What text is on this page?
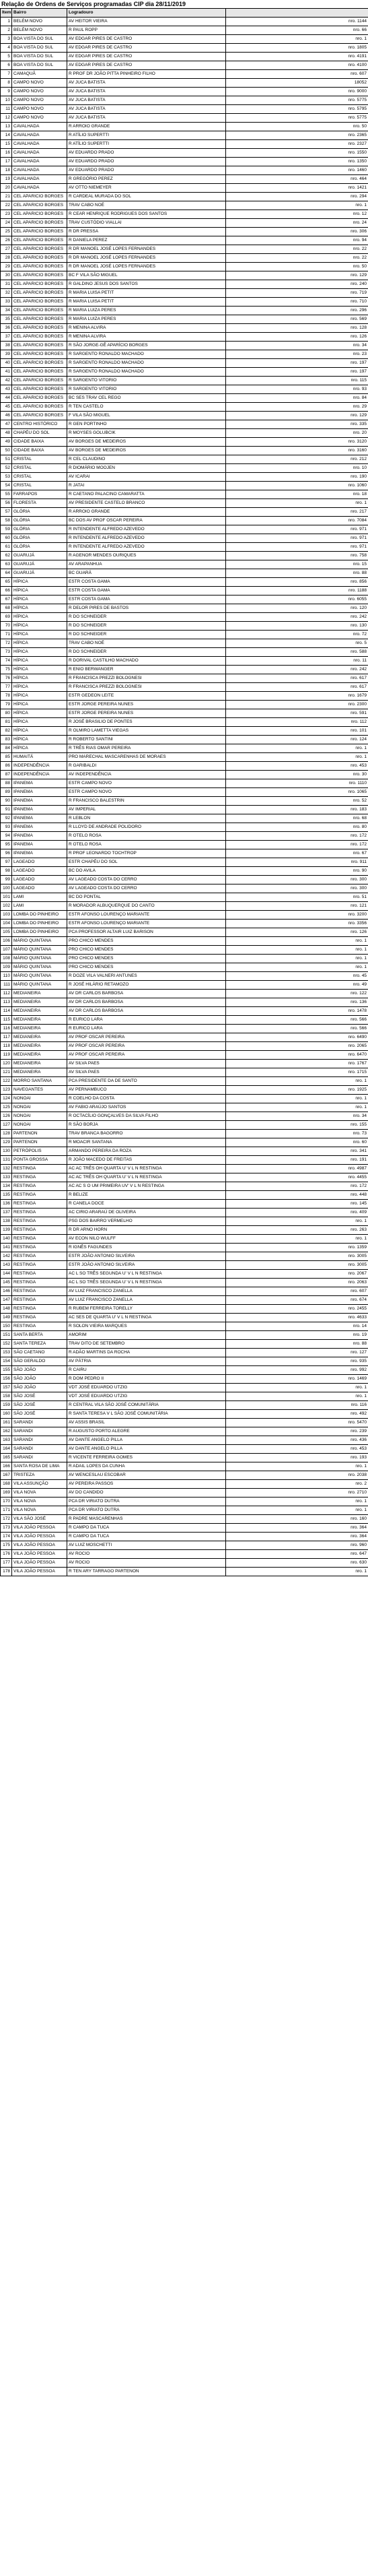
Relação de Ordens de Serviços programadas CIP dia 28/11/2019
Item	Bairro	Logradouro	
1	BELÉM NOVO	AV HEITOR VIEIRA	nro. 1144
2	BELÉM NOVO	R PAUL ROPP	nro. 66
3	BOA VISTA DO SUL	AV EDGAR PIRES DE CASTRO	nro. 1
4	BOA VISTA DO SUL	AV EDGAR PIRES DE CASTRO	nro. 1805
5	BOA VISTA DO SUL	AV EDGAR PIRES DE CASTRO	nro. 4191
6	BOA VISTA DO SUL	AV EDGAR PIRES DE CASTRO	nro. 4100
7	CAMAQUÃ	R PROF DR JOÃO PITTA PINHEIRO FILHO	nro. 607
8	CAMPO NOVO	AV JUCA BATISTA	18052
9	CAMPO NOVO	AV JUCA BATISTA	nro. 9000
10	CAMPO NOVO	AV JUCA BATISTA	nro. 5775
11	CAMPO NOVO	AV JUCA BATISTA	nro. 5795
12	CAMPO NOVO	AV JUCA BATISTA	nro. 5775
13	CAVALHADA	R ARROIO GRANDE	nro. 50
14	CAVALHADA	R ATÍLIO SUPERTTI	nro. 2365
15	CAVALHADA	R ATÍLIO SUPERTTI	nro. 2327
16	CAVALHADA	AV EDUARDO PRADO	nro. 1550
17	CAVALHADA	AV EDUARDO PRADO	nro. 1350
18	CAVALHADA	AV EDUARDO PRADO	nro. 1460
19	CAVALHADA	R GREGÓRIO PEREZ	nro. 464
20	CAVALHADA	AV OTTO NIEMEYER	nro. 1421
21	CEL APARICIO BORGES	R CARDEAL MURADA DO SOL	nro. 294
22	CEL APARICIO BORGES	TRAV CABO NOÉ	nro. 1
23	CEL APARICIO BORGES	R CEAR HENRIQUE RODRIGUES DOS SANTOS	nro. 12
24	CEL APARICIO BORGES	TRAV CUSTÓDIO VIALLAI	nro. 24
25	CEL APARICIO BORGES	R DR PRESSA	nro. 306
26	CEL APARICIO BORGES	R DANIELA PEREZ	nro. 94
27	CEL APARICIO BORGES	R DR MANOEL JOSÉ LOPES FERNANDES	nro. 22
28	CEL APARICIO BORGES	R DR MANOEL JOSÉ LOPES FERNANDES	nro. 22
29	CEL APARICIO BORGES	R DR MANOEL JOSÉ LOPES FERNANDES	nro. 50
30	CEL APARICIO BORGES	BC F VILA SÃO MIGUEL	nro. 129
31	CEL APARICIO BORGES	R GALDINO JESUS DOS SANTOS	nro. 240
32	CEL APARICIO BORGES	R MARIA LUISA PETIT	nro. 719
33	CEL APARICIO BORGES	R MARIA LUISA PETIT	nro. 710
34	CEL APARICIO BORGES	R MARIA LUIZA PERES	nro. 296
35	CEL APARICIO BORGES	R MARIA LUIZA PERES	nro. 569
36	CEL APARICIO BORGES	R MENINA ALVIRA	nro. 128
37	CEL APARICIO BORGES	R MENINA ALVIRA	nro. 126
38	CEL APARICIO BORGES	R SÃO JORGE-GÊ APARÍCIO BORGES	nro. 34
39	CEL APARICIO BORGES	R SARGENTO RONALDO MACHADO	nro. 23
40	CEL APARICIO BORGES	R SARGENTO RONALDO MACHADO	nro. 197
41	CEL APARICIO BORGES	R SARGENTO RONALDO MACHADO	nro. 197
42	CEL APARICIO BORGES	R SARGENTO VITORIO	nro. 115
43	CEL APARICIO BORGES	R SARGENTO VITORIO	nro. 93
44	CEL APARICIO BORGES	BC SES TRAV CEL REGO	nro. 84
45	CEL APARICIO BORGES	R TEN CASTELO	nro. 29
46	CEL APARICIO BORGES	F VILA SÃO MIGUEL	nro. 129
47	CENTRO HISTÓRICO	R GEN PORTINHO	nro. 335
48	CHAPÉU DO SOL	R MOYSES GOLUBCIK	nro. 20
49	CIDADE BAIXA	AV BORGES DE MEDEIROS	nro. 3120
50	CIDADE BAIXA	AV BORGES DE MEDEIROS	nro. 3160
51	CRISTAL	R CEL CLAUDINO	nro. 212
52	CRISTAL	R DIOMÁRIO MOOJEN	nro. 10
53	CRISTAL	AV ICARAI	nro. 190
54	CRISTAL	R JATAI	nro. 1060
55	FARRAPOS	R CAETANO PALACINO CAMARATTA	nro. 18
56	FLORESTA	AV PRESIDENTE CASTELO BRANCO	nro. 1
57	GLÓRIA	R ARROIO GRANDE	nro. 217
58	GLÓRIA	BC DOS AV PROF OSCAR PEREIRA	nro. 7084
59	GLÓRIA	R INTENDENTE ALFREDO AZEVEDO	nro. 971
60	GLÓRIA	R INTENDENTE ALFREDO AZEVEDO	nro. 971
61	GLÓRIA	R INTENDENTE ALFREDO AZEVEDO	nro. 971
62	GUARUJÁ	R AGENOR MENDES OURIQUES	nro. 758
63	GUARUJÁ	AV ARAPANHUA	nro. 15
64	GUARUJÁ	BC GUARÁ	nro. 88
65	HÍPICA	ESTR COSTA GAMA	nro. 856
66	HÍPICA	ESTR COSTA GAMA	nro. 1188
67	HÍPICA	ESTR COSTA GAMA	nro. 6055
68	HÍPICA	R DELOR PIRES DE BASTOS	nro. 120
69	HÍPICA	R DO SCHNEIDER	nro. 242
70	HÍPICA	R DO SCHNEIDER	nro. 130
71	HÍPICA	R DO SCHNEIDER	nro. 72
72	HÍPICA	TRAV CABO NOÉ	nro. 5
73	HÍPICA	R DO SCHNEIDER	nro. 588
74	HÍPICA	R DORIVAL CASTILHO MACHADO	nro. 11
75	HÍPICA	R ENIO BERWANGER	nro. 242
76	HÍPICA	R FRANCISCA PREZZI BOLOGNESI	nro. 617
77	HÍPICA	R FRANCISCA PREZZI BOLOGNESI	nro. 617
78	HÍPICA	ESTR GEDEON LEITE	nro. 1679
79	HÍPICA	ESTR JORGE PEREIRA NUNES	nro. 2300
80	HÍPICA	ESTR JORGE PEREIRA NUNES	nro. 591
81	HÍPICA	R JOSÉ BRASILIO DE PONTES	nro. 112
82	HÍPICA	R OLMIRO LAMETTA VIEGAS	nro. 101
83	HÍPICA	R ROBERTO SANTINI	nro. 124
84	HÍPICA	R TRÊS RIAS OMAR PEREIRA	nro. 1
85	HUMAITÁ	PRO MARECHAL MASCARENHAS DE MORAES	nro. 1
86	INDEPENDÊNCIA	R GARIBALDI	nro. 453
87	INDEPENDÊNCIA	AV INDEPENDÊNCIA	nro. 30
88	IPANEMA	ESTR CAMPO NOVO	nro. 1110
89	IPANEMA	ESTR CAMPO NOVO	nro. 1065
90	IPANEMA	R FRANCISCO BALESTRIN	nro. 52
91	IPANEMA	AV IMPERIAL	nro. 183
92	IPANEMA	R LEBLON	nro. 68
93	IPANEMA	R LLOYD DE ANDRADE POLIDORO	nro. 80
94	IPANEMA	R OTELO ROSA	nro. 172
95	IPANEMA	R OTELO ROSA	nro. 172
96	IPANEMA	R PROF LEONARDO TOCHTROP	nro. 67
97	LAGEADO	ESTR CHAPÉU DO SOL	nro. 911
98	LAGEADO	BC DO AVILA	nro. 90
99	LAGEADO	AV LAGEADO COSTA DO CERRO	nro. 300
100	LAGEADO	AV LAGEADO COSTA DO CERRO	nro. 300
101	LAMI	BC DO PONTAL	nro. 51
102	LAMI	R MORADOR ALBUQUERQUE DO CANTO	nro. 121
103	LOMBA DO PINHEIRO	ESTR AFONSO LOURENÇO MARIANTE	nro. 3200
104	LOMBA DO PINHEIRO	ESTR AFONSO LOURENÇO MARIANTE	nro. 3356
105	LOMBA DO PINHEIRO	PCA PROFESSOR ALTAIR LUIZ BARISON	nro. 126
106	MÁRIO QUINTANA	PRO CHICO MENDES	nro. 1
107	MÁRIO QUINTANA	PRO CHICO MENDES	nro. 1
108	MÁRIO QUINTANA	PRO CHICO MENDES	nro. 1
109	MÁRIO QUINTANA	PRO CHICO MENDES	nro. 1
110	MÁRIO QUINTANA	R DOZE VILA VALNERI ANTUNES	nro. 45
111	MÁRIO QUINTANA	R JOSÉ HILÁRIO RETAMOZO	nro. 49
112	MEDIANEIRA	AV DR CARLOS BARBOSA	nro. 122
113	MEDIANEIRA	AV DR CARLOS BARBOSA	nro. 136
114	MEDIANEIRA	AV DR CARLOS BARBOSA	nro. 1478
115	MEDIANEIRA	R EURICO LARA	nro. 566
116	MEDIANEIRA	R EURICO LARA	nro. 566
117	MEDIANEIRA	AV PROF OSCAR PEREIRA	nro. 6490
118	MEDIANEIRA	AV PROF OSCAR PEREIRA	nro. 2065
119	MEDIANEIRA	AV PROF OSCAR PEREIRA	nro. 6470
120	MEDIANEIRA	AV SILVA PAES	nro. 1767
121	MEDIANEIRA	AV SILVA PAES	nro. 1715
122	MORRO SANTANA	PCA PRESIDENTE DA DE SANTO	nro. 1
123	NAVEGANTES	AV PERNAMBUCO	nro. 1925
124	NONOAI	R COELHO DA COSTA	nro. 1
125	NONOAI	AV FABIO ARAÚJO SANTOS	nro. 1
126	NONOAI	R OCTACÍLIO GONÇALVES DA SILVA FILHO	nro. 34
127	NONOAI	R SÃO BORJA	nro. 155
128	PARTENON	TRAV BRANCA BAGORRO	nro. 73
129	PARTENON	R MOACIR SANTANA	nro. 60
130	PETRÓPOLIS	ARMANDO PEREIRA DA ROZA	nro. 341
131	PONTA GROSSA	R JOÃO MACEDO DE FREITAS	nro. 191
132	RESTINGA	AC AC TRÊS OH QUARTA U' V L N RESTINGA	nro. 4987
133	RESTINGA	AC AC TRÊS OH QUARTA U' V L N RESTINGA	nro. 4455
134	RESTINGA	AC AC S O UM PRIMEIRA UV' V L N RESTINGA	nro. 172
135	RESTINGA	R BELIZE	nro. 448
136	RESTINGA	R CANELA DOCE	nro. 145
137	RESTINGA	AC CIRIO ARARAÚ DE OLIVEIRA	nro. 409
138	RESTINGA	PSG DOS BAIRRO VERMELHO	nro. 1
139	RESTINGA	R DR ARNO HORN	nro. 263
140	RESTINGA	AV ECON NILO WULFF	nro. 1
141	RESTINGA	R IGNÊS FAGUNDES	nro. 1359
142	RESTINGA	ESTR JOÃO ANTONIO SILVEIRA	nro. 3005
143	RESTINGA	ESTR JOÃO ANTONIO SILVEIRA	nro. 3005
144	RESTINGA	AC L SO TRÊS SEGUNDA U' V L N RESTINGA	nro. 2067
145	RESTINGA	AC L SO TRÊS SEGUNDA U' V L N RESTINGA	nro. 2063
146	RESTINGA	AV LUIZ FRANCISCO ZANELLA	nro. 607
147	RESTINGA	AV LUIZ FRANCISCO ZANELLA	nro. 674
148	RESTINGA	R RUBEM FERREIRA TORELLY	nro. 2455
149	RESTINGA	AC SES DE QUARTA U' V L N RESTINGA	nro. 4633
150	RESTINGA	R SOLON VIEIRA MARQUES	nro. 14
151	SANTA BERTA	AMORIM	nro. 19
152	SANTA TEREZA	TRAV DITO DE SETEMBRO	nro. 88
153	SÃO CAETANO	R ADÃO MARTINS DA ROCHA	nro. 127
154	SÃO GERALDO	AV PÁTRIA	nro. 935
155	SÃO JOÃO	R CAIRU	nro. 992
156	SÃO JOÃO	R DOM PEDRO II	nro. 1469
157	SÃO JOÃO	VDT JOSÉ EDUARDO UTZIG	nro. 1
158	SÃO JOSÉ	VDT JOSÉ EDUARDO UTZIG	nro. 1
159	SÃO JOSÉ	R CENTRAL VILA SÃO JOSÉ COMUNITÁRIA	nro. 116
160	SÃO JOSÉ	R SANTA TERESA V L SÃO JOSÉ COMUNITÁRIA	nro. 492
161	SARANDI	AV ASSIS BRASIL	nro. 5470
162	SARANDI	R AUGUSTO PORTO ALEGRE	nro. 239
163	SARANDI	AV DANTE ANGELO PILLA	nro. 436
164	SARANDI	AV DANTE ANGELO PILLA	nro. 453
165	SARANDI	R VICENTE FERREIRA GOMES	nro. 193
166	SANTA ROSA DE LIMA	R ADAIL LOPES DA CUNHA	nro. 1
167	TRISTEZA	AV WENCESLAU ESCOBAR	nro. 2038
168	VILA ASSUNÇÃO	AV PEREIRA PASSOS	nro. 2
169	VILA NOVA	AV DO CANDIDO	nro. 2710
170	VILA NOVA	PCA DR VIRIATO DUTRA	nro. 1
171	VILA NOVA	PCA DR VIRIATO DUTRA	nro. 1
172	VILA SÃO JOSÉ	R PADRE MASCARENHAS	nro. 160
173	VILA JOÃO PESSOA	R CAMPO DA TUCA	nro. 364
174	VILA JOÃO PESSOA	R CAMPO DA TUCA	nro. 364
175	VILA JOÃO PESSOA	AV LUIZ MOSCHETTI	nro. 960
176	VILA JOÃO PESSOA	AV ROCIO	nro. 647
177	VILA JOÃO PESSOA	AV ROCIO	nro. 630
178	VILA JOÃO PESSOA	R TEN ARY TARRAGO PARTENON	nro. 1
